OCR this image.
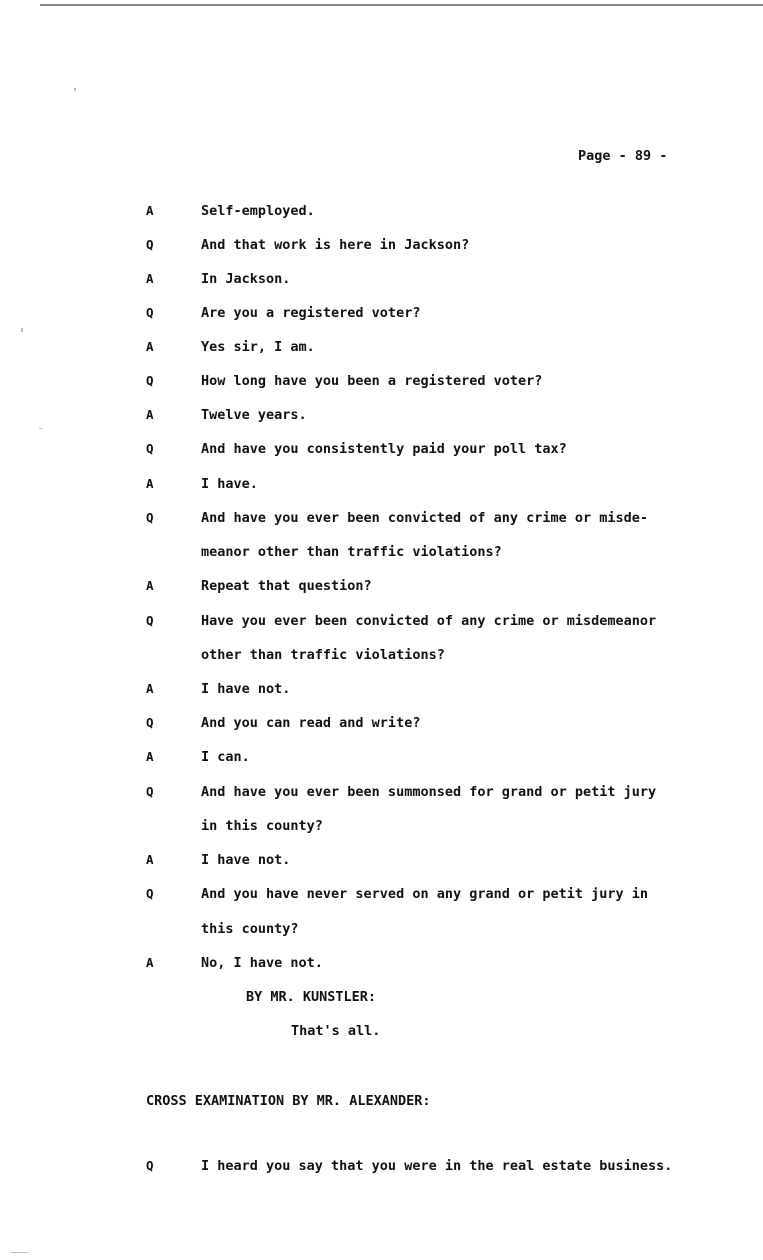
Page - 89 -
A	Self-employed.
Q	And that work is here in Jackson?
A	In Jackson.
Q	Are you a registered voter?
A	Yes sir, I am.
Q	How long have you been a registered voter?
A	Twelve years.
Q	And have you consistently paid your poll tax?
A	I have.
Q	And have you ever been convicted of any crime or misde-
meanor other than traffic violations?
A	Repeat that question?
Q	Have you ever been convicted of any crime or misdemeanor
other than traffic violations?
A	I have not.
Q	And you can read and write?
A	I can.
Q	And have you ever been summonsed for grand or petit jury
in this county?
A	I have not.
Q	And you have never served on any grand or petit jury in
this county?
A	No, I have not.
BY MR. KUNSTLER:
That's all.
CROSS EXAMINATION BY MR. ALEXANDER:
Q	I heard you say that you were in the real estate business.
